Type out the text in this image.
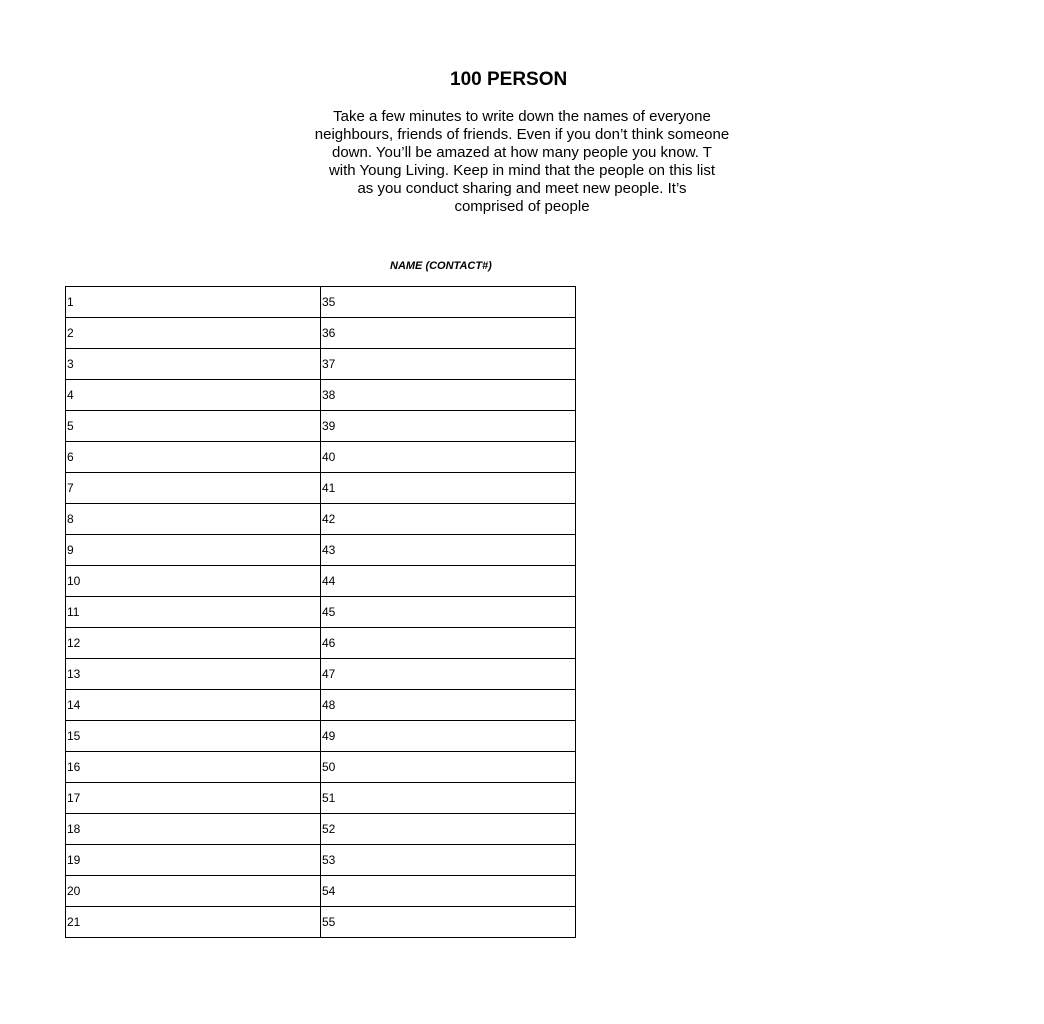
100 PERSON

Take a few minutes to write down the names of everyone
neighbours, friends of friends. Even if you don’t think someone
down. You’ll be amazed at how many people you know. T
with Young Living. Keep in mind that the people on this list
as you conduct sharing and meet new people. It’s
comprised of people

NAME (CONTACT#)
1	35
2	36
3	37
4	38
5	39
6	40
7	41
8	42
9	43
10	44
11	45
12	46
13	47
14	48
15	49
16	50
17	51
18	52
19	53
20	54
21	55
